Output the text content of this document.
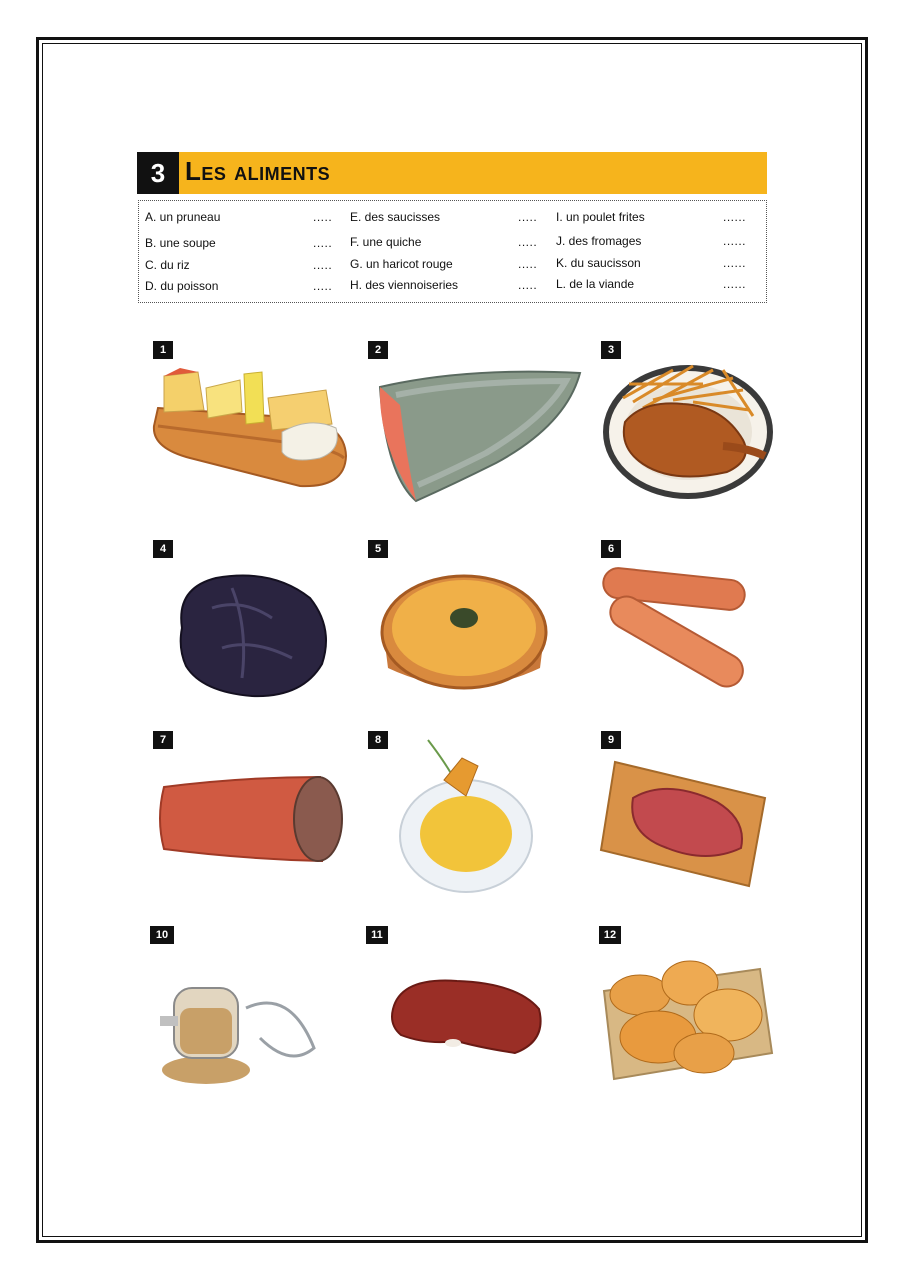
3 Les aliments
A. un pruneau	.....
B. une soupe	.....
C. du riz	.....
D. du poisson	.....
E. des saucisses	.....
F. une quiche	.....
G. un haricot rouge	.....
H. des viennoiseries	.....
I. un poulet frites	......
J. des fromages	......
K. du saucisson	......
L. de la viande	......
1	2	3
4	5	6
7	8	9
10	11	12
